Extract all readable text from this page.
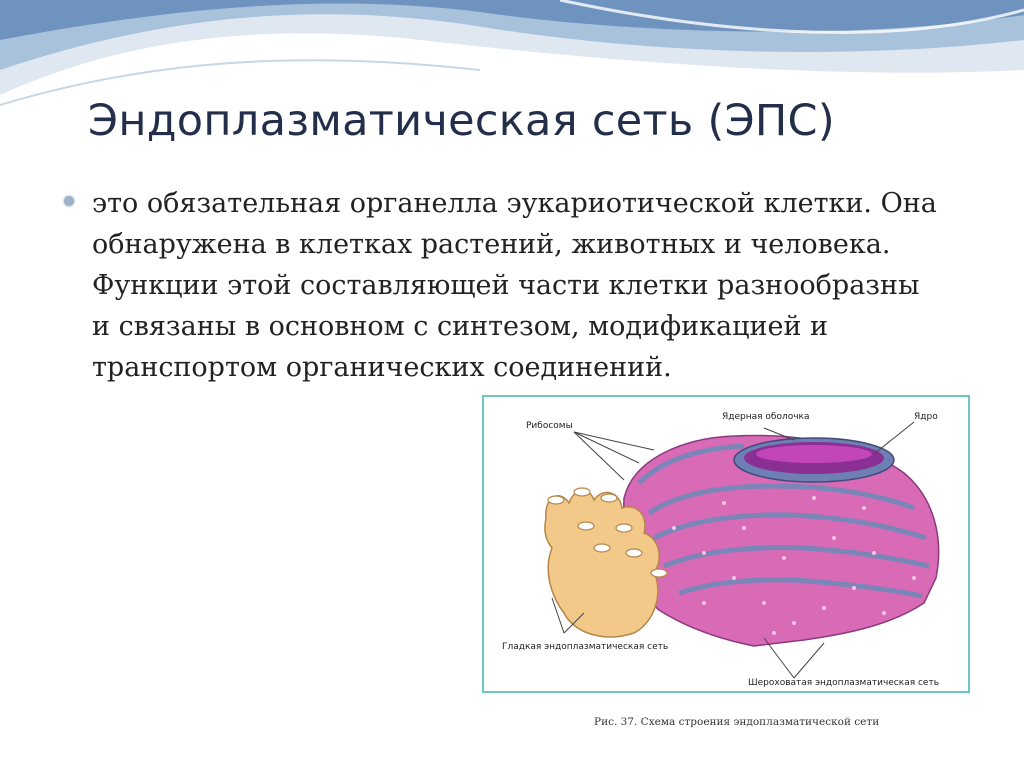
Эндоплазматическая сеть (ЭПС)
это обязательная органелла эукариотической клетки. Она обнаружена в клетках растений, животных и человека. Функции этой составляющей части клетки разнообразны и связаны в основном с синтезом, модификацией и транспортом органических соединений.
Рибосомы
Ядерная оболочка	Ядро
Гладкая эндоплазматическая сеть
Шероховатая эндоплазматическая сеть
Рис. 37. Схема строения эндоплазматической сети
